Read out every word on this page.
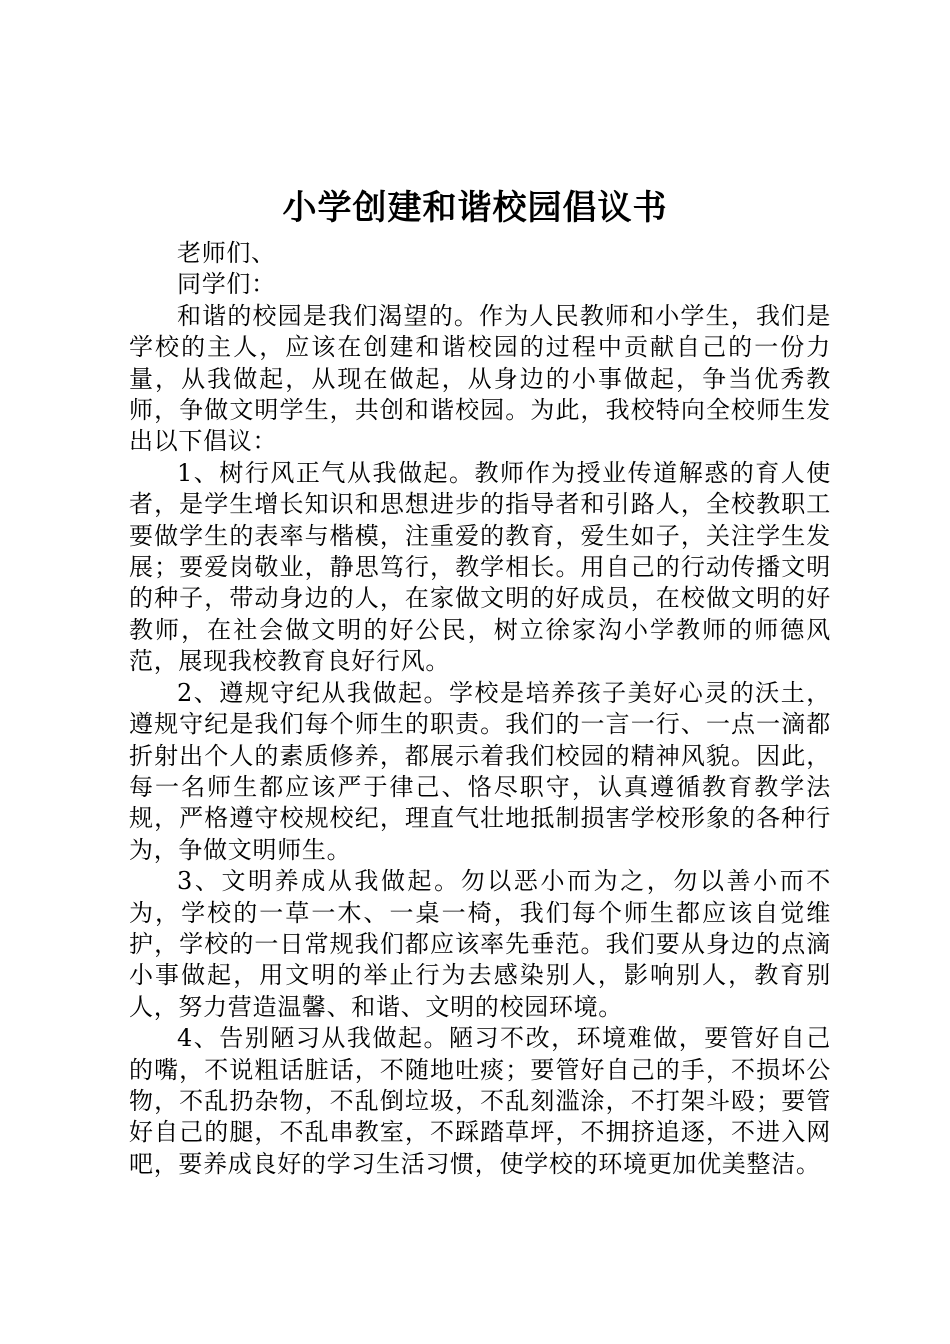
小学创建和谐校园倡议书

老师们、

同学们：

和谐的校园是我们渴望的。作为人民教师和小学生，我们是学校的主人，应该在创建和谐校园的过程中贡献自己的一份力量，从我做起，从现在做起，从身边的小事做起，争当优秀教师，争做文明学生，共创和谐校园。为此，我校特向全校师生发出以下倡议：

1、树行风正气从我做起。教师作为授业传道解惑的育人使者，是学生增长知识和思想进步的指导者和引路人，全校教职工要做学生的表率与楷模，注重爱的教育，爱生如子，关注学生发展；要爱岗敬业，静思笃行，教学相长。用自己的行动传播文明的种子，带动身边的人，在家做文明的好成员，在校做文明的好教师，在社会做文明的好公民，树立徐家沟小学教师的师德风范，展现我校教育良好行风。

2、遵规守纪从我做起。学校是培养孩子美好心灵的沃土，遵规守纪是我们每个师生的职责。我们的一言一行、一点一滴都折射出个人的素质修养，都展示着我们校园的精神风貌。因此，每一名师生都应该严于律己、恪尽职守，认真遵循教育教学法规，严格遵守校规校纪，理直气壮地抵制损害学校形象的各种行为，争做文明师生。

3、文明养成从我做起。勿以恶小而为之，勿以善小而不为，学校的一草一木、一桌一椅，我们每个师生都应该自觉维护，学校的一日常规我们都应该率先垂范。我们要从身边的点滴小事做起，用文明的举止行为去感染别人，影响别人，教育别人，努力营造温馨、和谐、文明的校园环境。

4、告别陋习从我做起。陋习不改，环境难做，要管好自己的嘴，不说粗话脏话，不随地吐痰；要管好自己的手，不损坏公物，不乱扔杂物，不乱倒垃圾，不乱刻滥涂，不打架斗殴；要管好自己的腿，不乱串教室，不踩踏草坪，不拥挤追逐，不进入网吧，要养成良好的学习生活习惯，使学校的环境更加优美整洁。
